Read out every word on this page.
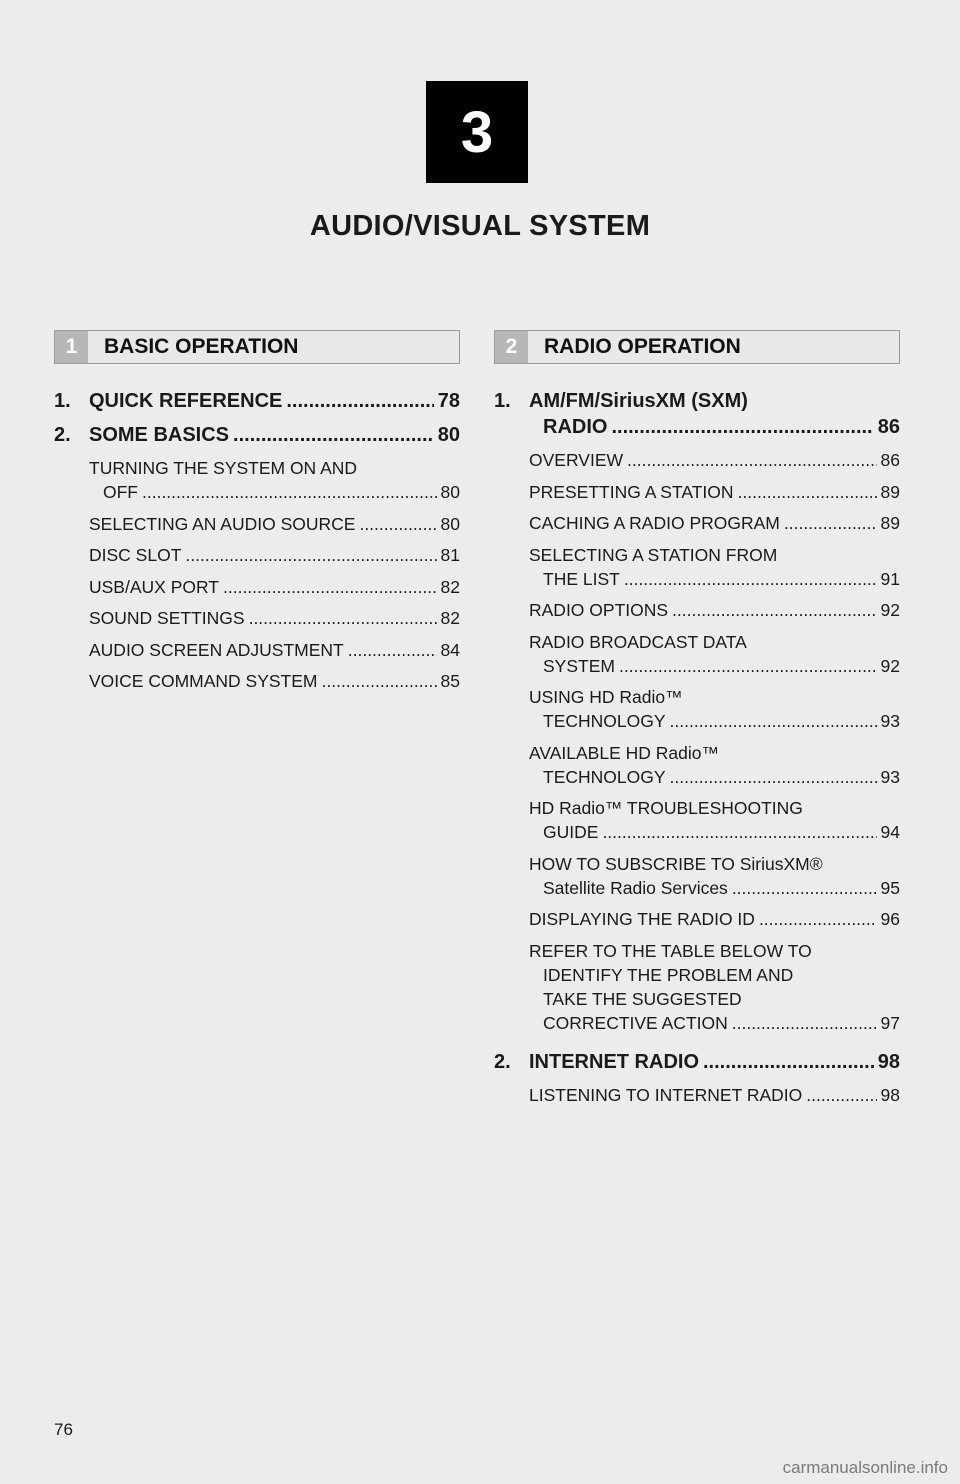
3
AUDIO/VISUAL SYSTEM
1	BASIC OPERATION
1. QUICK REFERENCE .....	78
2. SOME BASICS .....	80
TURNING THE SYSTEM ON AND
OFF .....	80
SELECTING AN AUDIO SOURCE .....	80
DISC SLOT .....	81
USB/AUX PORT .....	82
SOUND SETTINGS .....	82
AUDIO SCREEN ADJUSTMENT .....	84
VOICE COMMAND SYSTEM .....	85
2	RADIO OPERATION
1. AM/FM/SiriusXM (SXM)
RADIO .....	86
OVERVIEW .....	86
PRESETTING A STATION .....	89
CACHING A RADIO PROGRAM .....	89
SELECTING A STATION FROM
THE LIST .....	91
RADIO OPTIONS .....	92
RADIO BROADCAST DATA
SYSTEM .....	92
USING HD Radio™
TECHNOLOGY .....	93
AVAILABLE HD Radio™
TECHNOLOGY .....	93
HD Radio™ TROUBLESHOOTING
GUIDE .....	94
HOW TO SUBSCRIBE TO SiriusXM®
Satellite Radio Services .....	95
DISPLAYING THE RADIO ID .....	96
REFER TO THE TABLE BELOW TO
IDENTIFY THE PROBLEM AND
TAKE THE SUGGESTED
CORRECTIVE ACTION .....	97
2. INTERNET RADIO .....	98
LISTENING TO INTERNET RADIO .....	98
76
carmanualsonline.info
